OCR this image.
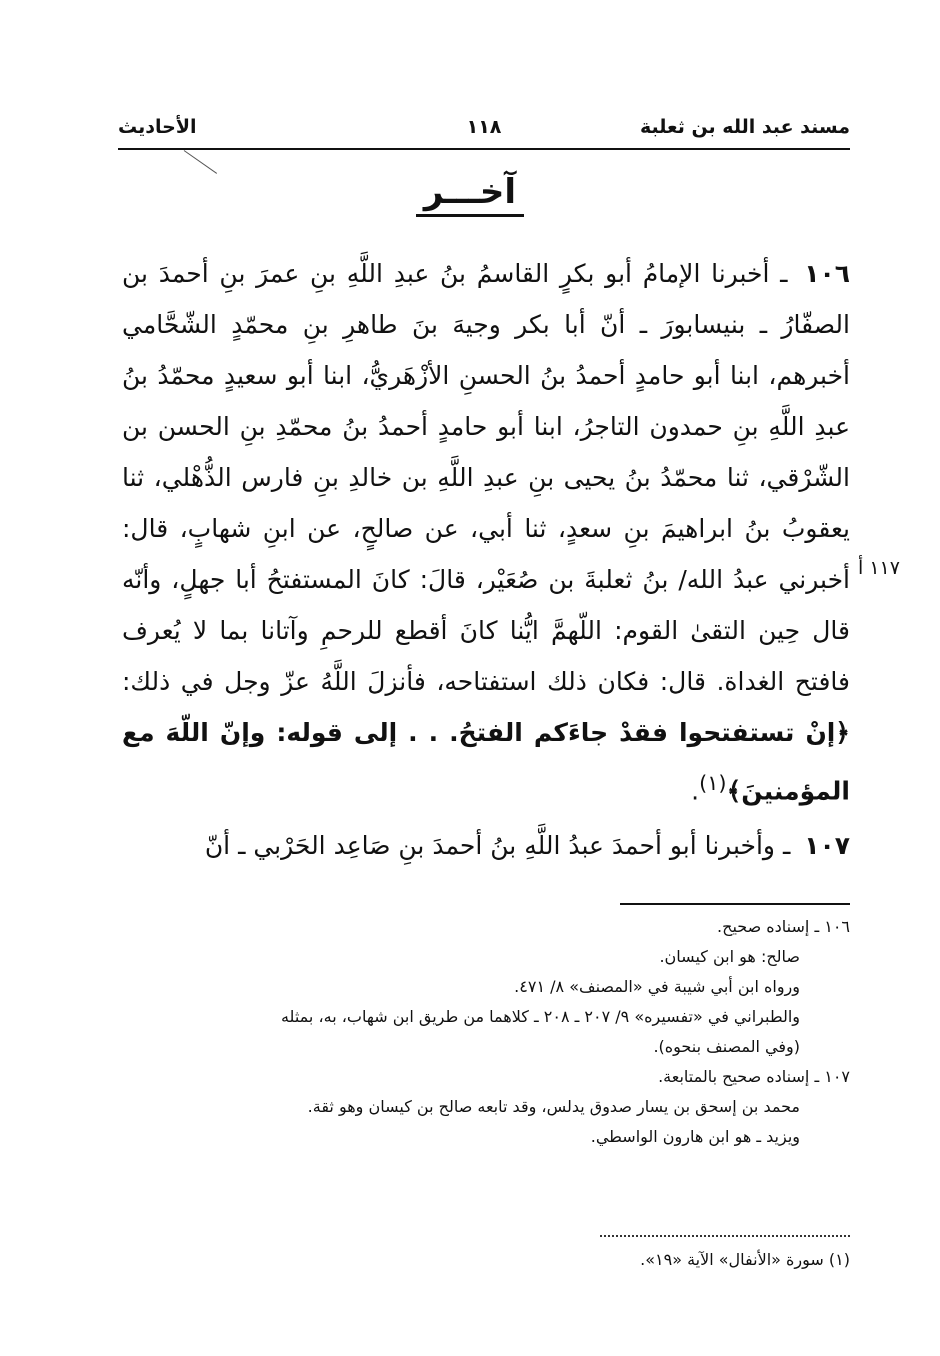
مسند عبد الله بن ثعلبة
١١٨
الأحاديث
آخـــر
١١٧ أ

١٠٦ ـ أخبرنا الإمامُ أبو بكرٍ القاسمُ بنُ عبدِ اللَّهِ بنِ عمرَ بنِ أحمدَ بن الصفّارُ ـ بنيسابورَ ـ أنّ أبا بكر وجيهَ بنَ طاهرِ بنِ محمّدٍ الشّحَّامي أخبرهم، ابنا أبو حامدٍ أحمدُ بنُ الحسنِ الأزْهَريُّ، ابنا أبو سعيدٍ محمّدُ بنُ عبدِ اللَّهِ بنِ حمدون التاجرُ، ابنا أبو حامدٍ أحمدُ بنُ محمّدِ بنِ الحسن بن الشّرْقي، ثنا محمّدُ بنُ يحيى بنِ عبدِ اللَّهِ بن خالدِ بنِ فارس الذُّهْلي، ثنا يعقوبُ بنُ ابراهيمَ بنِ سعدٍ، ثنا أبي، عن صالحٍ، عن ابنِ شهابٍ، قال: أخبرني عبدُ الله/ بنُ ثعلبةَ بن صُعَيْر، قالَ: كانَ المستفتحُ أبا جهلٍ، وأنّه قال حِين التقىٰ القوم: اللّهمَّ ايُّنا كانَ أقطع للرحمِ وآتانا بما لا يُعرف فافتح الغداة. قال: فكان ذلك استفتاحه، فأنزلَ اللَّهُ عزّ وجل في ذلك: ﴿إنْ تستفتحوا فقدْ جاءَكم الفتحُ. . . إلى قوله: وإنّ اللّهَ مع المؤمنينَ﴾$^{(١)}$.

١٠٧ ـ وأخبرنا أبو أحمدَ عبدُ اللَّهِ بنُ أحمدَ بنِ صَاعِد الحَرْبي ـ أنّ

١٠٦ ـ إسناده صحيح.
صالح: هو ابن كيسان.
ورواه ابن أبي شيبة في «المصنف» ٨/ ٤٧١.
والطبراني في «تفسيره» ٩/ ٢٠٧ ـ ٢٠٨ ـ كلاهما من طريق ابن شهاب، به، بمثله
(وفي المصنف بنحوه).
١٠٧ ـ إسناده صحيح بالمتابعة.
محمد بن إسحق بن يسار صدوق يدلس، وقد تابعه صالح بن كيسان وهو ثقة.
ويزيد ـ هو ابن هارون الواسطي.
(١) سورة «الأنفال» الآية «١٩».
